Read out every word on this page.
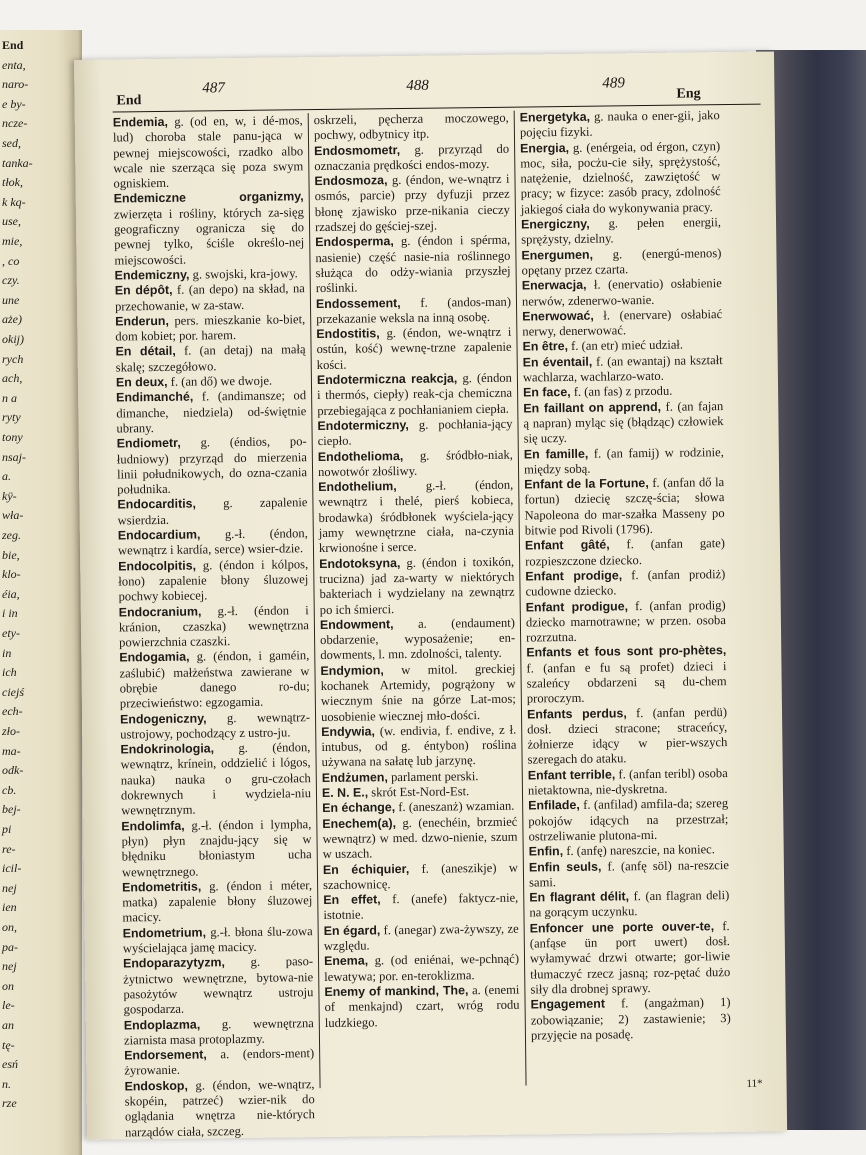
End
enta,
naro-
e by-
ncze-
sed,
tanka-
tłok,
k kq-
use,
mie,
, co
czy.
une
aże)
okij)
rych
ach,
n a
ryty
tony
nsaj-
a.
kÿ-
wła-
zeg.
bie,
klo-
éia,
i in
ety-
in
ich
ciejś
ech-
zło-
ma-
odk-
cb.
bej-
pi
re-
icil-
nej
ien
on,
pa-
nej
on
le-
an
tę-
esń
n.
rze
487
End
488	489
Eng
Endemia, g. (od en, w, i dé-mos, lud) choroba stale panu-jąca w pewnej miejscowości, rzadko albo wcale nie szerząca się poza swym ogniskiem.
Endemiczne organizmy, zwierzęta i rośliny, których za-sięg geograficzny ogranicza się do pewnej tylko, ściśle określo-nej miejscowości.
Endemiczny, g. swojski, kra-jowy.
En dépôt, f. (an depo) na skład, na przechowanie, w za-staw.
Enderun, pers. mieszkanie ko-biet, dom kobiet; por. harem.
En détail, f. (an detaj) na małą skalę; szczegółowo.
En deux, f. (an dő) we dwoje.
Endimanché, f. (andimansze; od dimanche, niedziela) od-świętnie ubrany.
Endiometr, g. (éndios, po-łudniowy) przyrząd do mierzenia linii południkowych, do ozna-czania południka.
Endocarditis, g. zapalenie wsierdzia.
Endocardium, g.-ł. (éndon, wewnątrz i kardía, serce) wsier-dzie.
Endocolpitis, g. (éndon i kólpos, łono) zapalenie błony śluzowej pochwy kobiecej.
Endocranium, g.-ł. (éndon i kránion, czaszka) wewnętrzna powierzchnia czaszki.
Endogamia, g. (éndon, i gaméin, zaślubić) małżeństwa zawierane w obrębie danego ro-du; przeciwieństwo: egzogamia.
Endogeniczny, g. wewnątrz-ustrojowy, pochodzący z ustro-ju.
Endokrinologia, g. (éndon, wewnątrz, krínein, oddzielić i lógos, nauka) nauka o gru-czołach dokrewnych i wydziela-niu wewnętrznym.
Endolimfa, g.-ł. (éndon i lympha, płyn) płyn znajdu-jący się w błędniku błoniastym ucha wewnętrznego.
Endometritis, g. (éndon i méter, matka) zapalenie błony śluzowej macicy.
Endometrium, g.-ł. błona ślu-zowa wyścielająca jamę macicy.
Endoparazytyzm, g. paso-żytnictwo wewnętrzne, bytowa-nie pasożytów wewnątrz ustroju gospodarza.
Endoplazma, g. wewnętrzna ziarnista masa protoplazmy.
Endorsement, a. (endors-ment) żyrowanie.
Endoskop, g. (éndon, we-wnątrz, skopéin, patrzeć) wzier-nik do oglądania wnętrza nie-których narządów ciała, szczeg.
oskrzeli, pęcherza moczowego, pochwy, odbytnicy itp.
Endosmometr, g. przyrząd do oznaczania prędkości endos-mozy.
Endosmoza, g. (éndon, we-wnątrz i osmós, parcie) przy dyfuzji przez błonę zjawisko prze-nikania cieczy rzadszej do gęściej-szej.
Endosperma, g. (éndon i spérma, nasienie) część nasie-nia roślinnego służąca do odży-wiania przyszłej roślinki.
Endossement, f. (andos-man) przekazanie weksla na inną osobę.
Endostitis, g. (éndon, we-wnątrz i ostún, kość) wewnę-trzne zapalenie kości.
Endotermiczna reakcja, g. (éndon i thermós, ciepły) reak-cja chemiczna przebiegająca z pochłanianiem ciepła.
Endotermiczny, g. pochłania-jący ciepło.
Endothelioma, g. śródbło-niak, nowotwór złośliwy.
Endothelium, g.-ł. (éndon, wewnątrz i thelé, pierś kobieca, brodawka) śródbłonek wyściela-jący jamy wewnętrzne ciała, na-czynia krwionośne i serce.
Endotoksyna, g. (éndon i toxikón, trucizna) jad za-warty w niektórych bakteriach i wydzielany na zewnątrz po ich śmierci.
Endowment, a. (endaument) obdarzenie, wyposażenie; en-dowments, l. mn. zdolności, talenty.
Endymion, w mitol. greckiej kochanek Artemidy, pogrążony w wiecznym śnie na górze Lat-mos; uosobienie wiecznej mło-dości.
Endywia, (w. endivia, f. endive, z ł. intubus, od g. éntybon) roślina używana na sałatę lub jarzynę.
Endżumen, parlament perski.
E. N. E., skrót Est-Nord-Est.
En échange, f. (aneszanż) wzamian.
Enechem(a), g. (enechéin, brzmieć wewnątrz) w med. dzwo-nienie, szum w uszach.
En échiquier, f. (aneszikje) w szachownicę.
En effet, f. (anefe) faktycz-nie, istotnie.
En égard, f. (anegar) zwa-żywszy, ze względu.
Enema, g. (od eniénai, we-pchnąć) lewatywa; por. en-teroklizma.
Enemy of mankind, The, a. (enemi of menkajnd) czart, wróg rodu ludzkiego.
Energetyka, g. nauka o ener-gii, jako pojęciu fizyki.
Energia, g. (enérgeia, od érgon, czyn) moc, siła, pocżu-cie siły, sprężystość, natężenie, dzielność, zawziętość w pracy; w fizyce: zasób pracy, zdolność jakiegoś ciała do wykonywania pracy.
Energiczny, g. pełen energii, sprężysty, dzielny.
Energumen, g. (energú-menos) opętany przez czarta.
Enerwacja, ł. (enervatio) osłabienie nerwów, zdenerwo-wanie.
Enerwować, ł. (enervare) osłabiać nerwy, denerwować.
En être, f. (an etr) mieć udział.
En éventail, f. (an ewantaj) na kształt wachlarza, wachlarzo-wato.
En face, f. (an fas) z przodu.
En faillant on apprend, f. (an fajan ą napran) myląc się (błądząc) człowiek się uczy.
En famille, f. (an famij) w rodzinie, między sobą.
Enfant de la Fortune, f. (anfan dő la fortun) dziecię szczę-ścia; słowa Napoleona do mar-szałka Masseny po bitwie pod Rivoli (1796).
Enfant gâté, f. (anfan gate) rozpieszczone dziecko.
Enfant prodige, f. (anfan prodiż) cudowne dziecko.
Enfant prodigue, f. (anfan prodig) dziecko marnotrawne; w przen. osoba rozrzutna.
Enfants et fous sont pro-phètes, f. (anfan e fu są profet) dzieci i szaleńcy obdarzeni są du-chem proroczym.
Enfants perdus, f. (anfan perdü) dosł. dzieci stracone; straceńcy, żołnierze idący w pier-wszych szeregach do ataku.
Enfant terrible, f. (anfan teribl) osoba nietaktowna, nie-dyskretna.
Enfilade, f. (anfilad) amfila-da; szereg pokojów idących na przestrzał; ostrzeliwanie plutona-mi.
Enfin, f. (anfę) nareszcie, na koniec.
Enfin seuls, f. (anfę söl) na-reszcie sami.
En flagrant délit, f. (an flagran deli) na gorącym uczynku.
Enfoncer une porte ouver-te, f. (anfąse ün port uwert) dosł. wyłamywać drzwi otwarte; gor-liwie tłumaczyć rzecz jasną; roz-pętać dużo siły dla drobnej sprawy.
Engagement f. (angażman) 1) zobowiązanie; 2) zastawienie; 3) przyjęcie na posadę.
11*
